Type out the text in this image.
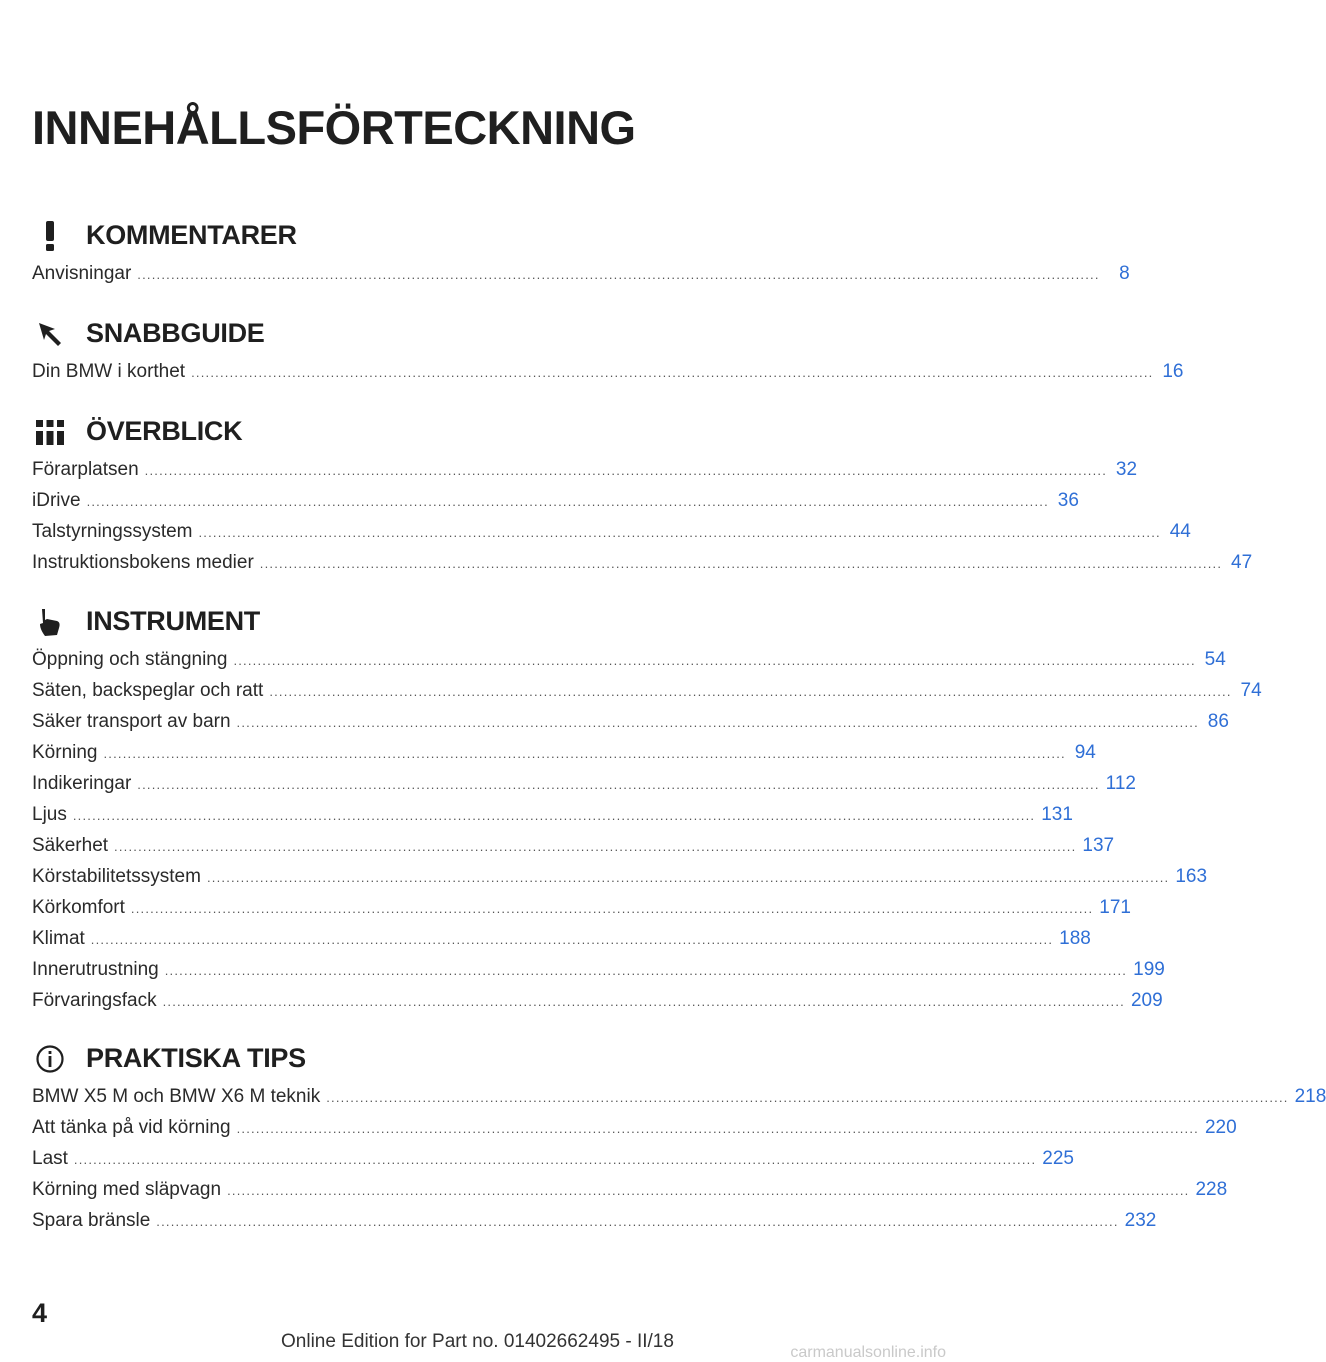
INNEHÅLLSFÖRTECKNING
KOMMENTARER
Anvisningar ........................................................................................................................................................................................................	8
SNABBGUIDE
Din BMW i korthet ........................................................................................................................................................................................................ 16
ÖVERBLICK
Förarplatsen ........................................................................................................................................................................................................ 32
iDrive ........................................................................................................................................................................................................ 36
Talstyrningssystem ........................................................................................................................................................................................................ 44
Instruktionsbokens medier ........................................................................................................................................................................................................ 47
INSTRUMENT
Öppning och stängning ........................................................................................................................................................................................................ 54
Säten, backspeglar och ratt ........................................................................................................................................................................................................ 74
Säker transport av barn ........................................................................................................................................................................................................ 86
Körning ........................................................................................................................................................................................................ 94
Indikeringar ........................................................................................................................................................................................................ 112
Ljus ........................................................................................................................................................................................................ 131
Säkerhet ........................................................................................................................................................................................................ 137
Körstabilitetssystem ........................................................................................................................................................................................................ 163
Körkomfort ........................................................................................................................................................................................................ 171
Klimat ........................................................................................................................................................................................................ 188
Innerutrustning ........................................................................................................................................................................................................ 199
Förvaringsfack ........................................................................................................................................................................................................ 209
PRAKTISKA TIPS
BMW X5 M och BMW X6 M teknik ........................................................................................................................................................................................................ 218
Att tänka på vid körning ........................................................................................................................................................................................................ 220
Last ........................................................................................................................................................................................................ 225
Körning med släpvagn ........................................................................................................................................................................................................ 228
Spara bränsle ........................................................................................................................................................................................................ 232
4
Online Edition for Part no. 01402662495 - II/18
carmanualsonline.info
